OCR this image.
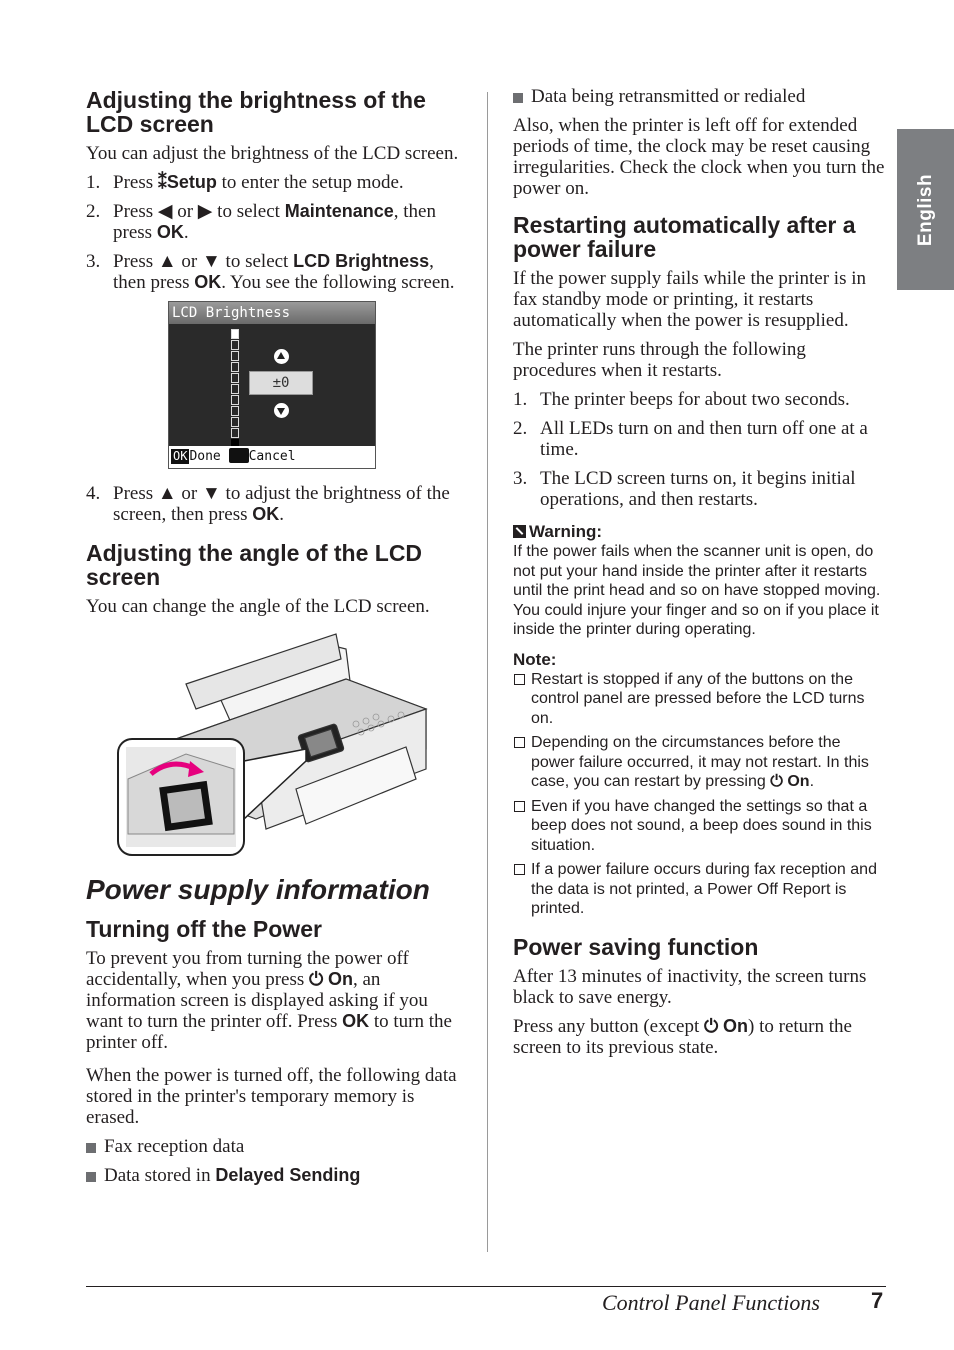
English
Adjusting the brightness of the LCD screen

You can adjust the brightness of the LCD screen.

1. Press ⁑Setup to enter the setup mode.
2. Press ◀ or ▶ to select Maintenance, then press OK.
3. Press ▲ or ▼ to select LCD Brightness, then press OK. You see the following screen.
LCD Brightness
±0
OK Done Cancel
4. Press ▲ or ▼ to adjust the brightness of the screen, then press OK.
Adjusting the angle of the LCD screen

You can change the angle of the LCD screen.

Power supply information
Turning off the Power

To prevent you from turning the power off accidentally, when you press ⏻ On, an information screen is displayed asking if you want to turn the printer off. Press OK to turn the printer off.

When the power is turned off, the following data stored in the printer's temporary memory is erased.

Fax reception data
Data stored in Delayed Sending
Data being retransmitted or redialed

Also, when the printer is left off for extended periods of time, the clock may be reset causing irregularities. Check the clock when you turn the power on.

Restarting automatically after a power failure

If the power supply fails while the printer is in fax standby mode or printing, it restarts automatically when the power is resupplied.

The printer runs through the following procedures when it restarts.

1. The printer beeps for about two seconds.
2. All LEDs turn on and then turn off one at a time.
3. The LCD screen turns on, it begins initial operations, and then restarts.
Warning:

If the power fails when the scanner unit is open, do not put your hand inside the printer after it restarts until the print head and so on have stopped moving. You could injure your finger and so on if you place it inside the printer during operating.

Note:
Restart is stopped if any of the buttons on the control panel are pressed before the LCD turns on.
Depending on the circumstances before the power failure occurred, it may not restart. In this case, you can restart by pressing ⏻ On.
Even if you have changed the settings so that a beep does not sound, a beep does sound in this situation.
If a power failure occurs during fax reception and the data is not printed, a Power Off Report is printed.
Power saving function

After 13 minutes of inactivity, the screen turns black to save energy.

Press any button (except ⏻ On) to return the screen to its previous state.

Control Panel Functions 7
